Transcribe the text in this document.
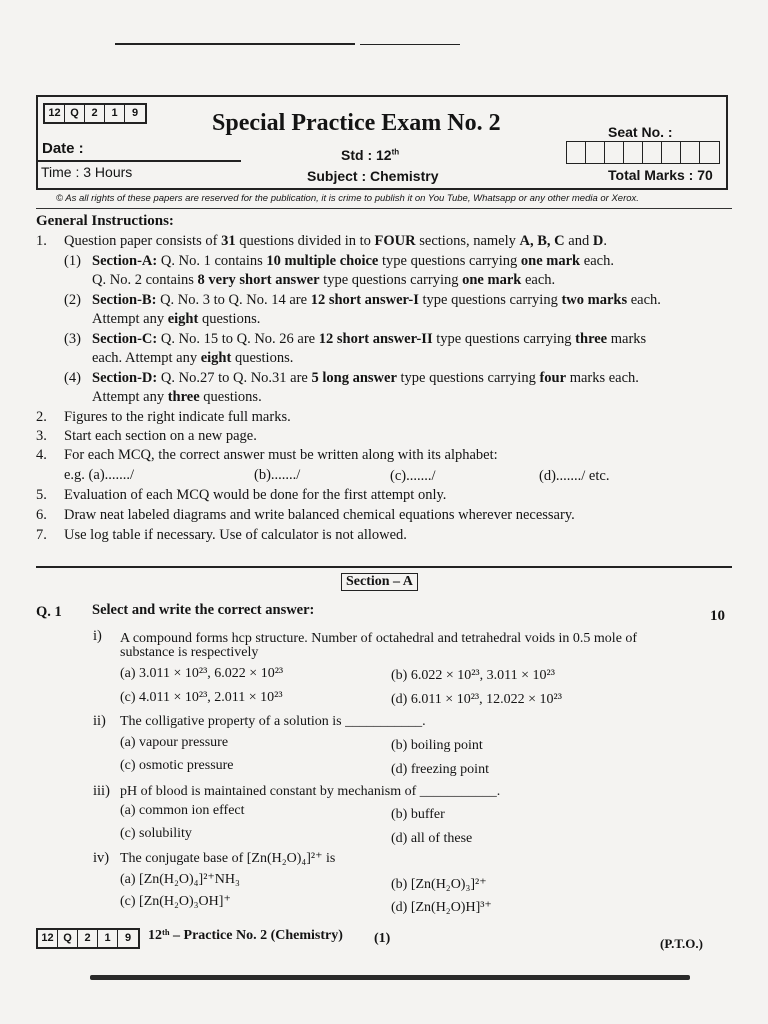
12 Q	2	1	9	Special Practice Exam No. 2	Seat No. :
Date :	Std : 12th
Time : 3 Hours	Subject : Chemistry	Total Marks : 70
© As all rights of these papers are reserved for the publication, it is crime to publish it on You Tube, Whatsapp or any other media or Xerox.
General Instructions:
1. Question paper consists of 31 questions divided in to FOUR sections, namely A, B, C and D.
(1) Section-A: Q. No. 1 contains 10 multiple choice type questions carrying one mark each.
Q. No. 2 contains 8 very short answer type questions carrying one mark each.
(2) Section-B: Q. No. 3 to Q. No. 14 are 12 short answer-I type questions carrying two marks each.
Attempt any eight questions.
(3) Section-C: Q. No. 15 to Q. No. 26 are 12 short answer-II type questions carrying three marks
each. Attempt any eight questions.
(4) Section-D: Q. No.27 to Q. No.31 are 5 long answer type questions carrying four marks each.
Attempt any three questions.
2. Figures to the right indicate full marks.
3. Start each section on a new page.
4. For each MCQ, the correct answer must be written along with its alphabet:
e.g. (a)......./	(b)......./	(c)......./	(d)......./ etc.
5. Evaluation of each MCQ would be done for the first attempt only.
6. Draw neat labeled diagrams and write balanced chemical equations wherever necessary.
7. Use log table if necessary. Use of calculator is not allowed.
Section – A
Q. 1 Select and write the correct answer:	10
i) A compound forms hcp structure. Number of octahedral and tetrahedral voids in 0.5 mole of
substance is respectively
(a) 3.011 × 10²³, 6.022 × 10²³	(b) 6.022 × 10²³, 3.011 × 10²³
(c) 4.011 × 10²³, 2.011 × 10²³	(d) 6.011 × 10²³, 12.022 × 10²³
ii) The colligative property of a solution is ___________.
(a) vapour pressure	(b) boiling point
(c) osmotic pressure	(d) freezing point
iii) pH of blood is maintained constant by mechanism of ___________.
(a) common ion effect	(b) buffer
(c) solubility	(d) all of these
iv) The conjugate base of [Zn(H₂O)₄]²⁺ is
(a) [Zn(H₂O)₄]²⁺NH₃	(b) [Zn(H₂O)₃]²⁺
(c) [Zn(H₂O)₃OH]⁺	(d) [Zn(H₂O)H]³⁺
12 Q	2	1	9	12ᵗʰ – Practice No. 2 (Chemistry) (1)	(P.T.O.)
